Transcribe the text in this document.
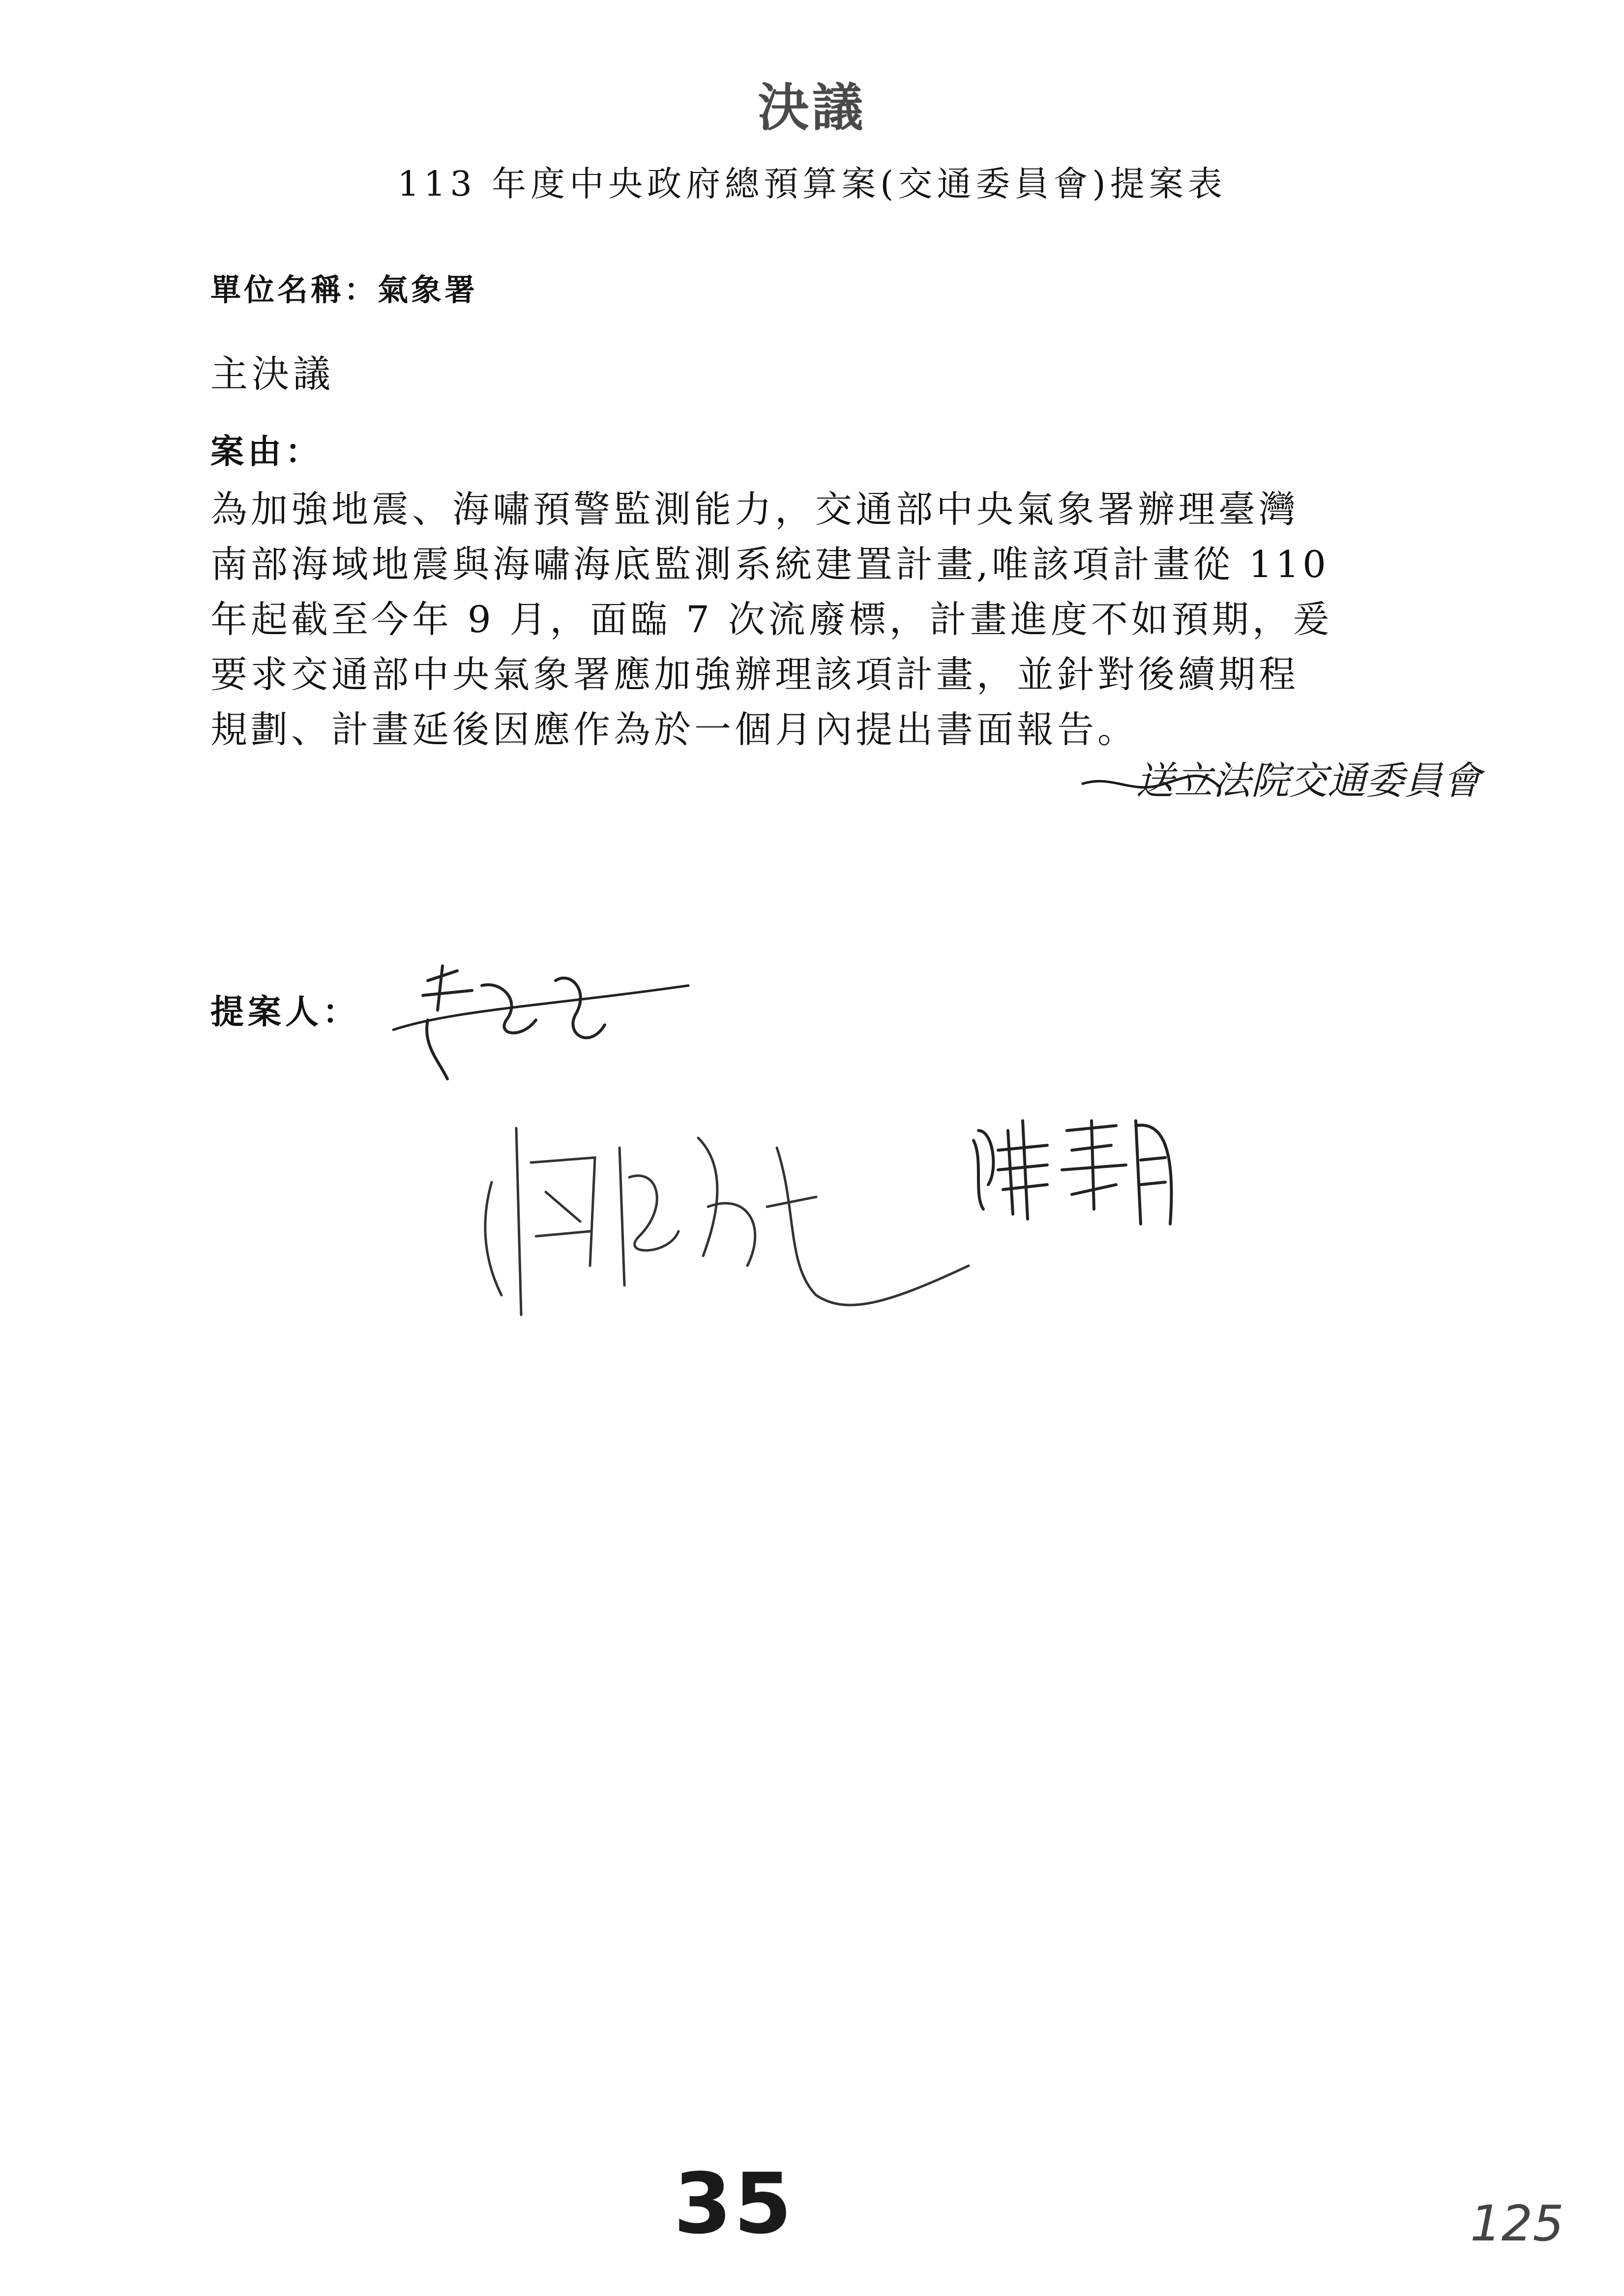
決議
113 年度中央政府總預算案(交通委員會)提案表
單位名稱：氣象署
主決議
案由：
為加強地震、海嘯預警監測能力，交通部中央氣象署辦理臺灣
南部海域地震與海嘯海底監測系統建置計畫,唯該項計畫從 110
年起截至今年 9 月，面臨 7 次流廢標，計畫進度不如預期，爰
要求交通部中央氣象署應加強辦理該項計畫，並針對後續期程
規劃、計畫延後因應作為於一個月內提出書面報告。
送立法院交通委員會
提案人：
35	125
